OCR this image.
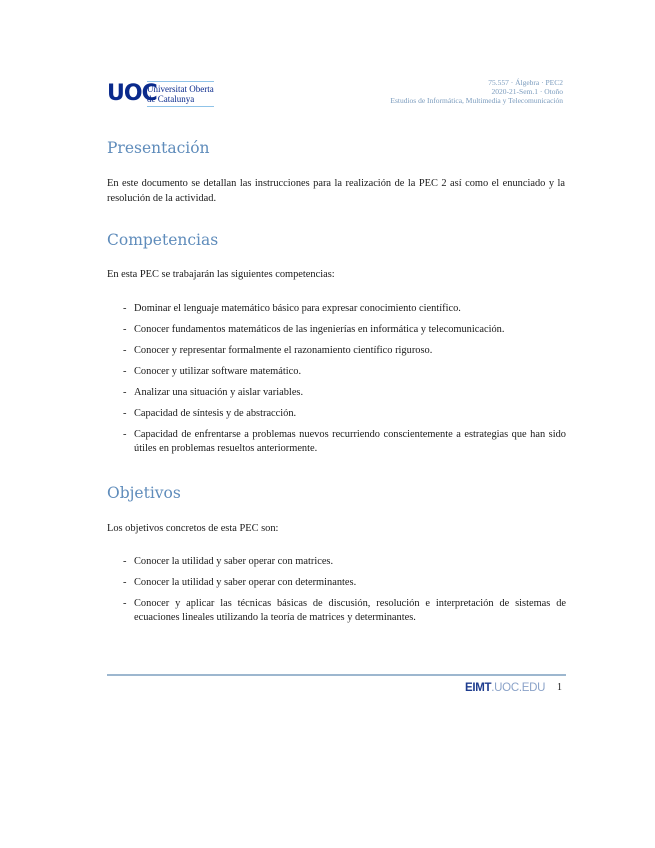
UOC
Universitat Oberta
de Catalunya
75.557 · Álgebra · PEC2
2020-21-Sem.1 · Otoño
Estudios de Informática, Multimedia y Telecomunicación
Presentación

En este documento se detallan las instrucciones para la realización de la PEC 2 así como el enunciado y la resolución de la actividad.

Competencias

En esta PEC se trabajarán las siguientes competencias:

- Dominar el lenguaje matemático básico para expresar conocimiento científico.
- Conocer fundamentos matemáticos de las ingenierías en informática y telecomunicación.
- Conocer y representar formalmente el razonamiento científico riguroso.
- Conocer y utilizar software matemático.
- Analizar una situación y aislar variables.
- Capacidad de síntesis y de abstracción.
- Capacidad de enfrentarse a problemas nuevos recurriendo conscientemente a estrategias que han sido útiles en problemas resueltos anteriormente.
Objetivos

Los objetivos concretos de esta PEC son:

- Conocer la utilidad y saber operar con matrices.
- Conocer la utilidad y saber operar con determinantes.
- Conocer y aplicar las técnicas básicas de discusión, resolución e interpretación de sistemas de ecuaciones lineales utilizando la teoría de matrices y determinantes.
EIMT.UOC.EDU 1
